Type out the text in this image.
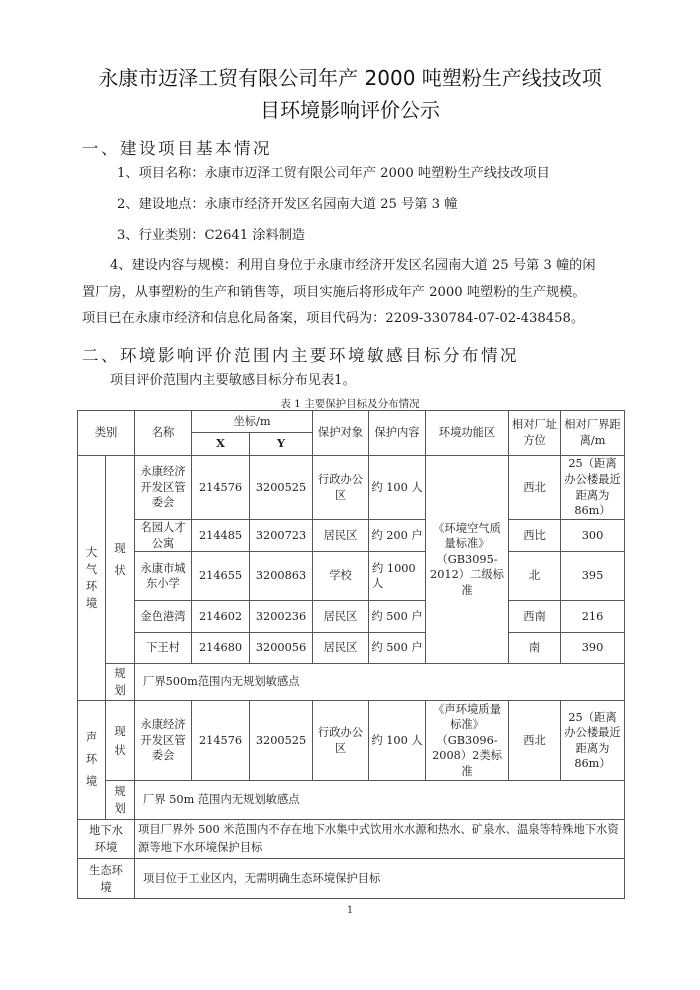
永康市迈泽工贸有限公司年产 2000 吨塑粉生产线技改项
目环境影响评价公示
一、建设项目基本情况
1、项目名称：永康市迈泽工贸有限公司年产 2000 吨塑粉生产线技改项目
2、建设地点：永康市经济开发区名园南大道 25 号第 3 幢
3、行业类别：C2641 涂料制造
4、建设内容与规模：利用自身位于永康市经济开发区名园南大道 25 号第 3 幢的闲
置厂房，从事塑粉的生产和销售等，项目实施后将形成年产 2000 吨塑粉的生产规模。
项目已在永康市经济和信息化局备案，项目代码为：2209-330784-07-02-438458。
二、环境影响评价范围内主要环境敏感目标分布情况
项目评价范围内主要敏感目标分布见表1。
表 1 主要保护目标及分布情况
类别		名称	坐标/m		保护对象	保护内容	环境功能区	相对厂址方位	相对厂界距离/m
			X	Y					
大气环境	现状	永康经济开发区管委会	214576	3200525	行政办公区	约 100 人	《环境空气质量标准》（GB3095-2012）二级标准	西北	25（距离办公楼最近距离为86m）
		名园人才公寓	214485	3200723	居民区	约 200 户		西比	300
		永康市城东小学	214655	3200863	学校	约 1000 人		北	395
		金色港湾	214602	3200236	居民区	约 500 户		西南	216
		下王村	214680	3200056	居民区	约 500 户		南	390
	规划	厂界500m范围内无规划敏感点							
声环境	现状	永康经济开发区管委会	214576	3200525	行政办公区	约 100 人	《声环境质量标准》（GB3096-2008）2类标准	西北	25（距离办公楼最近距离为86m）
	规划	厂界 50m 范围内无规划敏感点							
地下水环境		项目厂界外 500 米范围内不存在地下水集中式饮用水水源和热水、矿泉水、温泉等特殊地下水资源等地下水环境保护目标							
生态环境		项目位于工业区内，无需明确生态环境保护目标							
1
